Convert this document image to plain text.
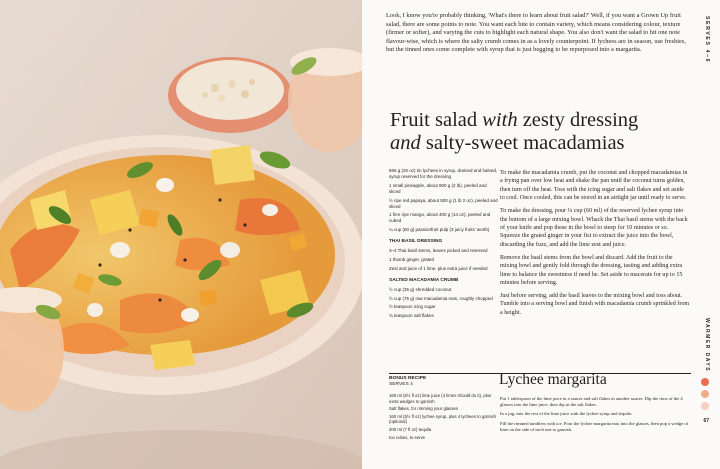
Look, I know you're probably thinking, 'What's there to learn about fruit salad?' Well, if you want a Grown Up fruit salad, there are some points to note. You want each bite to contain variety, which means considering colour, texture (firmer or softer), and varying the cuts to highlight each natural shape. You also don't want the salad to hit one note flavour-wise, which is where the salty crumb comes in as a lovely counterpoint. If lychees are in season, use freshies, but the tinned ones come complete with syrup that is just begging to be repurposed into a margarita.	SERVES 4–6
Fruit salad with zesty dressing
and salty-sweet macadamias
565 g (20 oz) tin lychees in syrup, drained and halved, syrup reserved for the dressing
1 small pineapple, about 900 g (2 lb), peeled and sliced
½ ripe red papaya, about 500 g (1 lb 2 oz), peeled and sliced
1 firm ripe mango, about 400 g (14 oz), peeled and cubed
¼ cup (60 g) passionfruit pulp (3 juicy fruits' worth)
THAI BASIL DRESSING
3–4 Thai basil stems, leaves picked and reserved
1 thumb ginger, grated
Zest and juice of 1 lime, plus extra juice if needed
SALTED MACADAMIA CRUMB
½ cup (35 g) shredded coconut
½ cup (75 g) raw macadamia nuts, roughly chopped
½ teaspoon icing sugar
¾ teaspoon salt flakes

To make the macadamia crumb, put the coconut and chopped macadamias in a frying pan over low heat and shake the pan until the coconut turns golden, then turn off the heat. Toss with the icing sugar and salt flakes and set aside to cool. Once cooled, this can be stored in an airtight jar until ready to serve.

To make the dressing, pour ¼ cup (60 ml) of the reserved lychee syrup into the bottom of a large mixing bowl. Whack the Thai basil stems with the back of your knife and pop these in the bowl to steep for 10 minutes or so. Squeeze the grated ginger in your fist to extract the juice into the bowl, discarding the fuzz, and add the lime zest and juice.

Remove the basil stems from the bowl and discard. Add the fruit to the mixing bowl and gently fold through the dressing, tasting and adding extra lime to balance the sweetness if need be. Set aside to macerate for up to 15 minutes before serving.

Just before serving, add the basil leaves to the mixing bowl and toss about. Tumble into a serving bowl and finish with macadamia crumb sprinkled from a height.

BONUS RECIPE
SERVES 4
160 ml (5½ fl oz) lime juice (4 limes should do it), plus extra wedges to garnish
Salt flakes, for rimming your glasses
160 ml (5½ fl oz) lychee syrup, plus 4 lychees to garnish (optional)
200 ml (7 fl oz) tequila
Ice cubes, to serve
Lychee margarita

Put 1 tablespoon of the lime juice in a saucer and salt flakes in another saucer. Dip the rims of the 4 glasses into the lime juice, then dip in the salt flakes.

In a jug, mix the rest of the lime juice with the lychee syrup and tequila.

Fill the rimmed tumblers with ice. Pour the lychee margarita mix into the glasses, then pop a wedge of lime on the side of each one to garnish.

WARMER DAYS
67
